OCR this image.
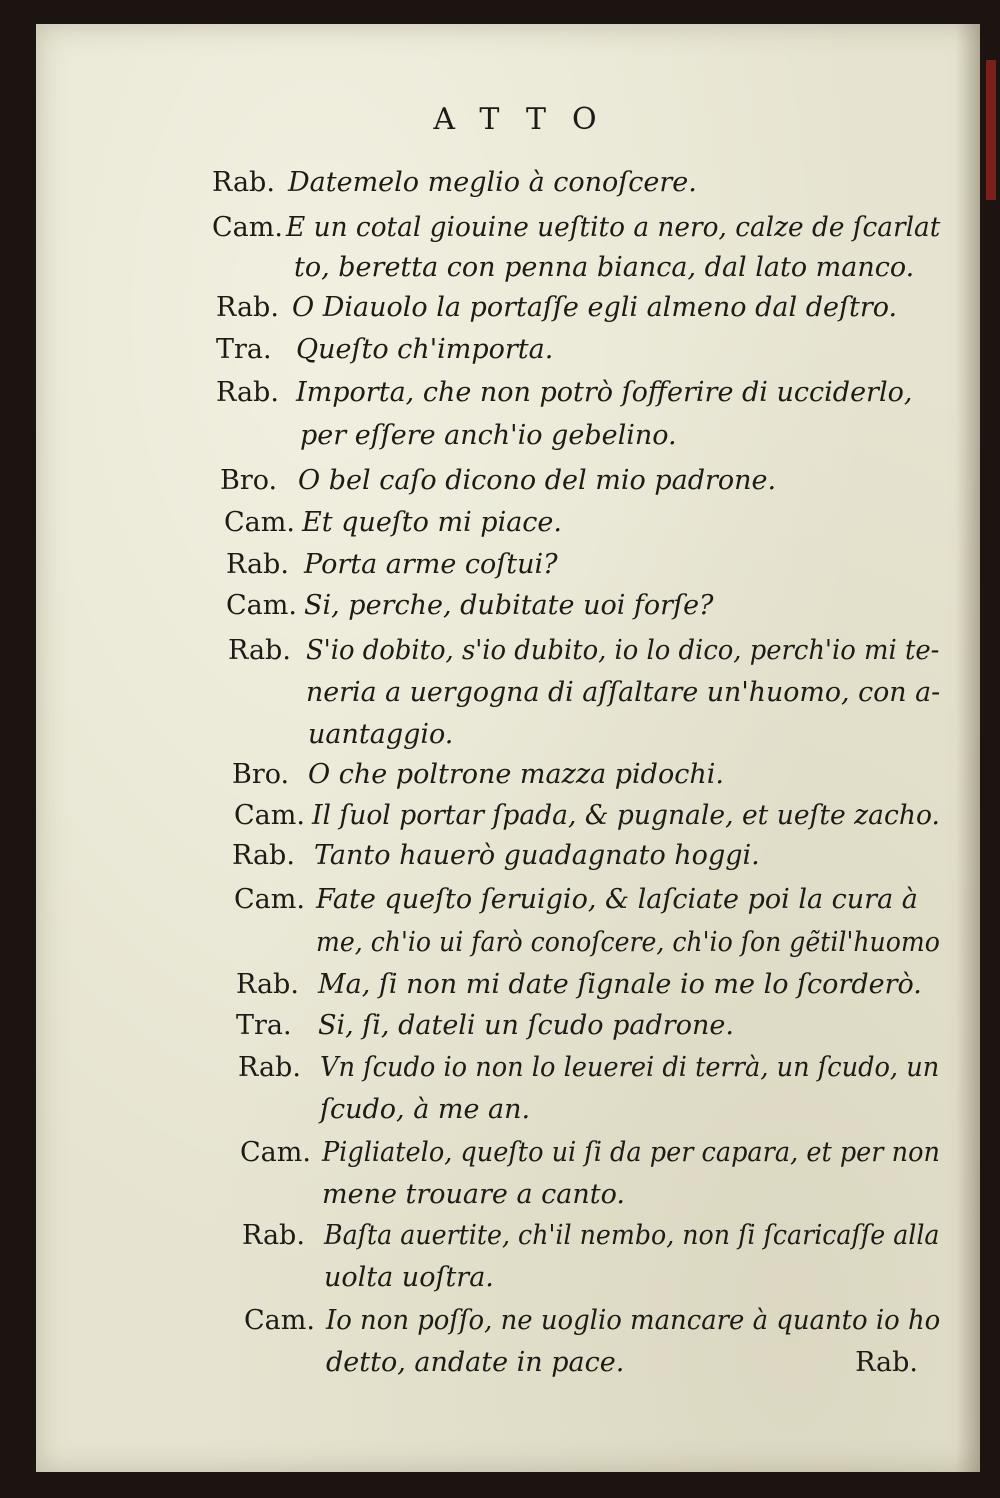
ATTO
Rab. Datemelo meglio à conoſcere.
Cam. E un cotal giouine ueſtito a nero, calze de ſcarlat
to, beretta con penna bianca, dal lato manco.
Rab. O Diauolo la portaſſe egli almeno dal deſtro.
Tra. Queſto ch'importa.
Rab. Importa, che non potrò ſofferire di ucciderlo,
per eſſere anch'io gebelino.
Bro. O bel caſo dicono del mio padrone.
Cam. Et queſto mi piace.
Rab. Porta arme coſtui?
Cam. Si, perche, dubitate uoi forſe?
Rab. S'io dobito, s'io dubito, io lo dico, perch'io mi te-
neria a uergogna di aſſaltare un'huomo, con a-
uantaggio.
Bro. O che poltrone mazza pidochi.
Cam. Il ſuol portar ſpada, & pugnale, et ueſte zacho.
Rab. Tanto hauerò guadagnato hoggi.
Cam. Fate queſto ſeruigio, & laſciate poi la cura à
me, ch'io ui farò conoſcere, ch'io ſon gẽtil'huomo
Rab. Ma, ſi non mi date ſignale io me lo ſcorderò.
Tra. Si, ſi, dateli un ſcudo padrone.
Rab. Vn ſcudo io non lo leuerei di terrà, un ſcudo, un
ſcudo, à me an.
Cam. Pigliatelo, queſto ui ſi da per capara, et per non
mene trouare a canto.
Rab. Baſta auertite, ch'il nembo, non ſi ſcaricaſſe alla
uolta uoſtra.
Cam. Io non poſſo, ne uoglio mancare à quanto io ho
detto, andate in pace.	Rab.
